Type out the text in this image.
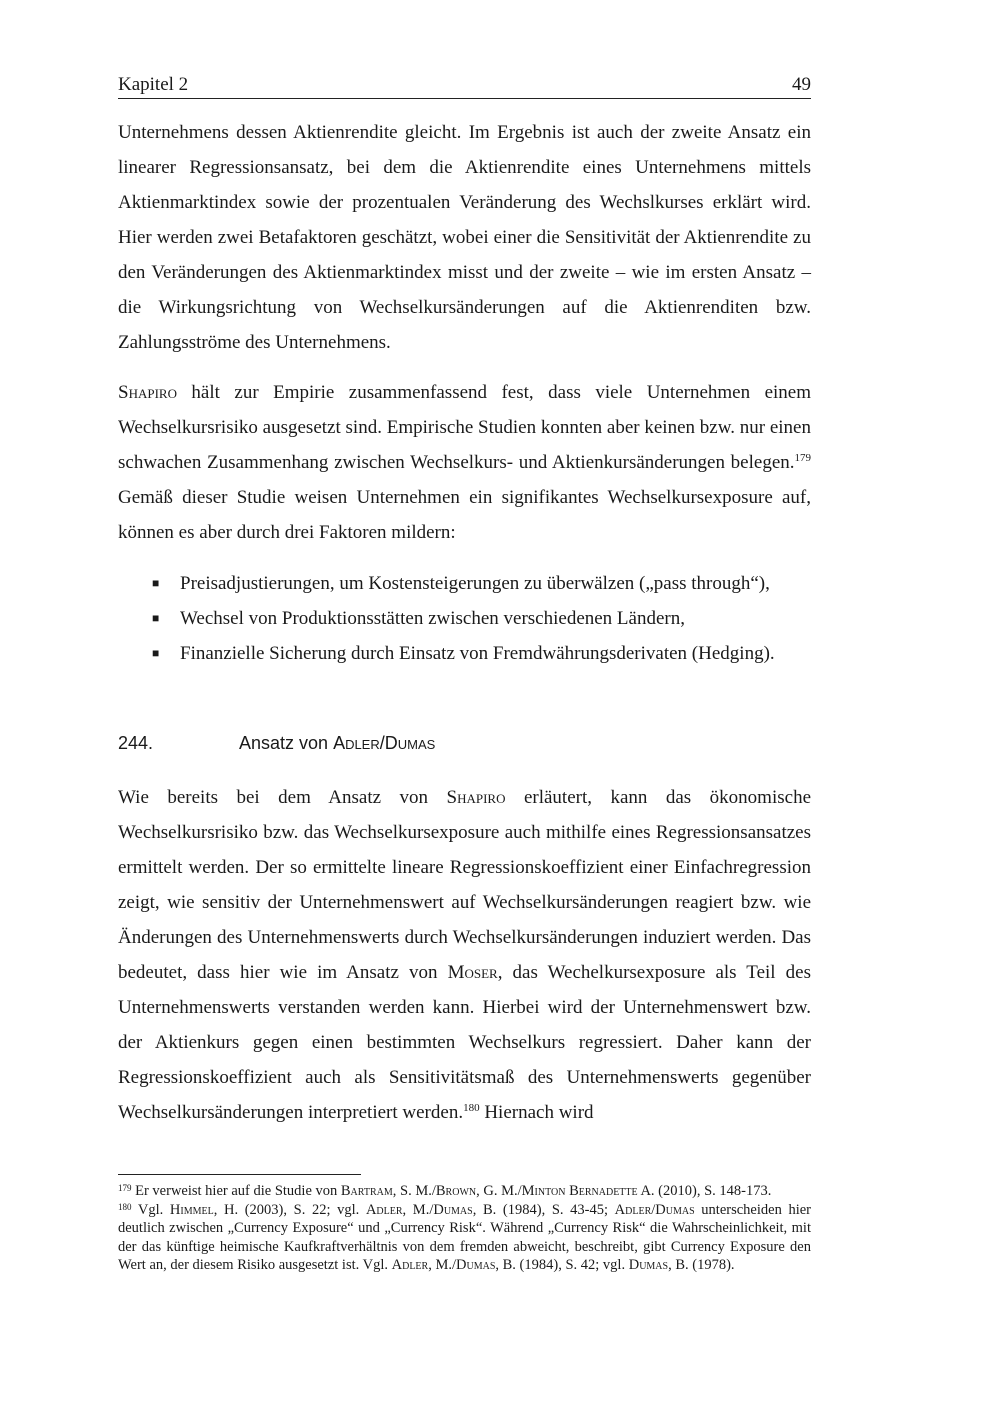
Kapitel 2	49

Unternehmens dessen Aktienrendite gleicht. Im Ergebnis ist auch der zweite Ansatz ein linearer Regressionsansatz, bei dem die Aktienrendite eines Unternehmens mittels Aktienmarktindex sowie der prozentualen Veränderung des Wechslkurses erklärt wird. Hier werden zwei Betafaktoren geschätzt, wobei einer die Sensitivität der Aktienrendite zu den Veränderungen des Aktienmarktindex misst und der zweite – wie im ersten Ansatz – die Wirkungsrichtung von Wechselkursänderungen auf die Aktienrenditen bzw. Zahlungsströme des Unternehmens.

Shapiro hält zur Empirie zusammenfassend fest, dass viele Unternehmen einem Wechselkursrisiko ausgesetzt sind. Empirische Studien konnten aber keinen bzw. nur einen schwachen Zusammenhang zwischen Wechselkurs- und Aktienkursänderungen belegen.$^{179}$ Gemäß dieser Studie weisen Unternehmen ein signifikantes Wechselkursexposure auf, können es aber durch drei Faktoren mildern:

■ Preisadjustierungen, um Kostensteigerungen zu überwälzen („pass through“),
■ Wechsel von Produktionsstätten zwischen verschiedenen Ländern,
■ Finanzielle Sicherung durch Einsatz von Fremdwährungsderivaten (Hedging).
244.	Ansatz von Adler/Dumas

Wie bereits bei dem Ansatz von Shapiro erläutert, kann das ökonomische Wechselkursrisiko bzw. das Wechselkursexposure auch mithilfe eines Regressionsansatzes ermittelt werden. Der so ermittelte lineare Regressionskoeffizient einer Einfachregression zeigt, wie sensitiv der Unternehmenswert auf Wechselkursänderungen reagiert bzw. wie Änderungen des Unternehmenswerts durch Wechselkursänderungen induziert werden. Das bedeutet, dass hier wie im Ansatz von Moser, das Wechelkursexposure als Teil des Unternehmenswerts verstanden werden kann. Hierbei wird der Unternehmenswert bzw. der Aktienkurs gegen einen bestimmten Wechselkurs regressiert. Daher kann der Regressionskoeffizient auch als Sensitivitätsmaß des Unternehmenswerts gegenüber Wechselkursänderungen interpretiert werden.$^{180}$ Hiernach wird

$^{179}$ Er verweist hier auf die Studie von Bartram, S. M./Brown, G. M./Minton Bernadette A. (2010), S. 148-173.

$^{180}$ Vgl. Himmel, H. (2003), S. 22; vgl. Adler, M./Dumas, B. (1984), S. 43-45; Adler/Dumas unterscheiden hier deutlich zwischen „Currency Exposure“ und „Currency Risk“. Während „Currency Risk“ die Wahrscheinlichkeit, mit der das künftige heimische Kaufkraftverhältnis von dem fremden abweicht, beschreibt, gibt Currency Exposure den Wert an, der diesem Risiko ausgesetzt ist. Vgl. Adler, M./Dumas, B. (1984), S. 42; vgl. Dumas, B. (1978).
